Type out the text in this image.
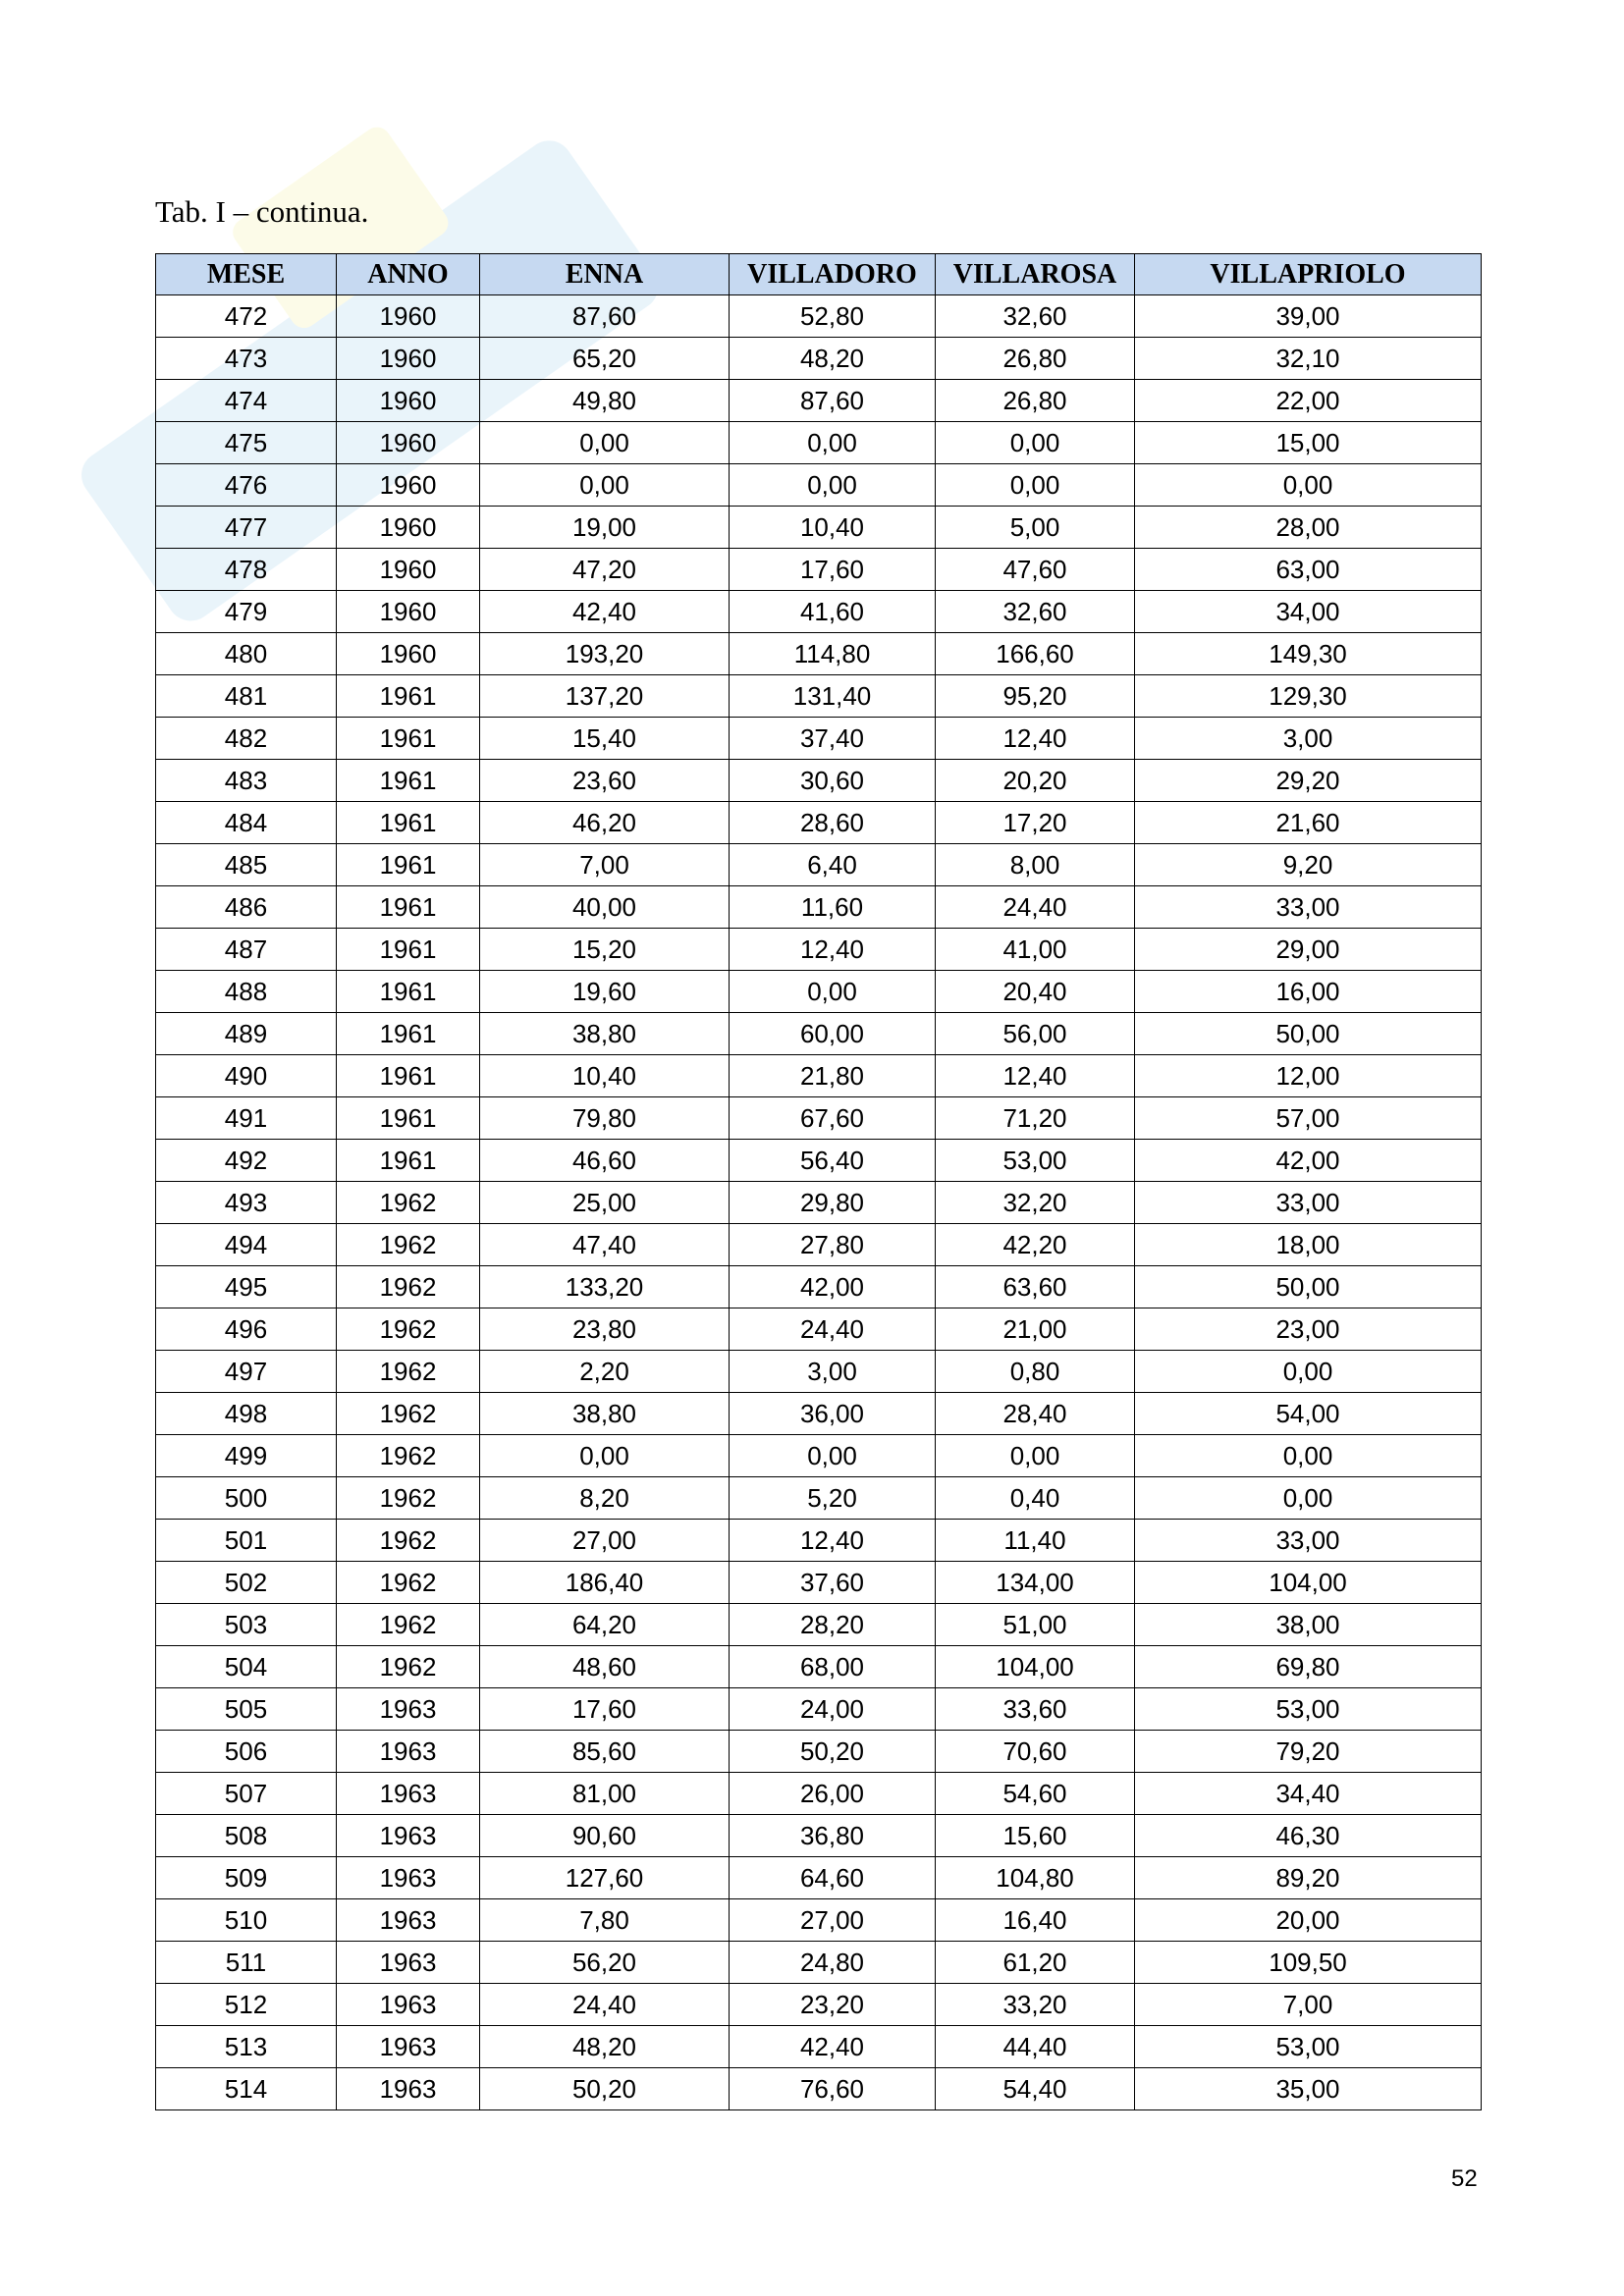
Tab. I – continua.
MESE	ANNO	ENNA	VILLADORO	VILLAROSA	VILLAPRIOLO
472	1960	87,60	52,80	32,60	39,00
473	1960	65,20	48,20	26,80	32,10
474	1960	49,80	87,60	26,80	22,00
475	1960	0,00	0,00	0,00	15,00
476	1960	0,00	0,00	0,00	0,00
477	1960	19,00	10,40	5,00	28,00
478	1960	47,20	17,60	47,60	63,00
479	1960	42,40	41,60	32,60	34,00
480	1960	193,20	114,80	166,60	149,30
481	1961	137,20	131,40	95,20	129,30
482	1961	15,40	37,40	12,40	3,00
483	1961	23,60	30,60	20,20	29,20
484	1961	46,20	28,60	17,20	21,60
485	1961	7,00	6,40	8,00	9,20
486	1961	40,00	11,60	24,40	33,00
487	1961	15,20	12,40	41,00	29,00
488	1961	19,60	0,00	20,40	16,00
489	1961	38,80	60,00	56,00	50,00
490	1961	10,40	21,80	12,40	12,00
491	1961	79,80	67,60	71,20	57,00
492	1961	46,60	56,40	53,00	42,00
493	1962	25,00	29,80	32,20	33,00
494	1962	47,40	27,80	42,20	18,00
495	1962	133,20	42,00	63,60	50,00
496	1962	23,80	24,40	21,00	23,00
497	1962	2,20	3,00	0,80	0,00
498	1962	38,80	36,00	28,40	54,00
499	1962	0,00	0,00	0,00	0,00
500	1962	8,20	5,20	0,40	0,00
501	1962	27,00	12,40	11,40	33,00
502	1962	186,40	37,60	134,00	104,00
503	1962	64,20	28,20	51,00	38,00
504	1962	48,60	68,00	104,00	69,80
505	1963	17,60	24,00	33,60	53,00
506	1963	85,60	50,20	70,60	79,20
507	1963	81,00	26,00	54,60	34,40
508	1963	90,60	36,80	15,60	46,30
509	1963	127,60	64,60	104,80	89,20
510	1963	7,80	27,00	16,40	20,00
511	1963	56,20	24,80	61,20	109,50
512	1963	24,40	23,20	33,20	7,00
513	1963	48,20	42,40	44,40	53,00
514	1963	50,20	76,60	54,40	35,00
52
